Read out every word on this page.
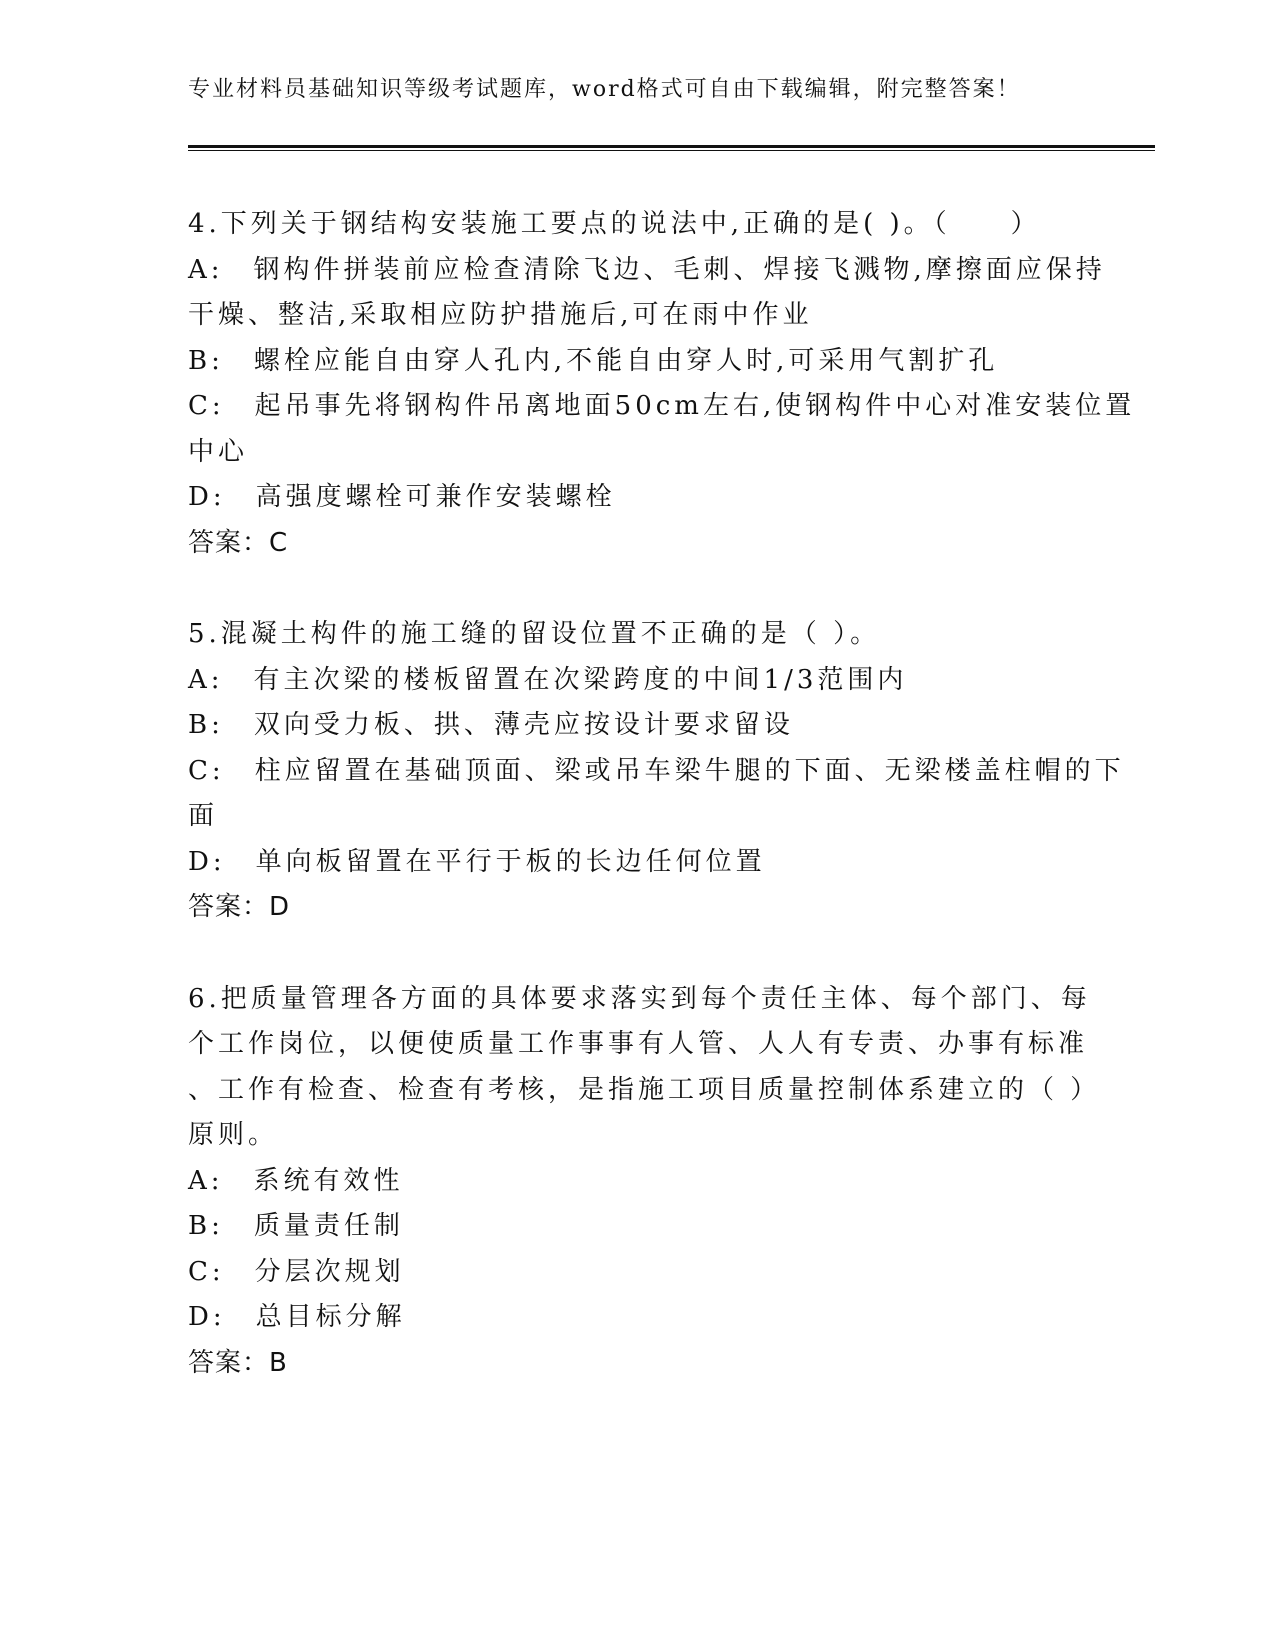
专业材料员基础知识等级考试题库，word格式可自由下载编辑，附完整答案！

4.下列关于钢结构安装施工要点的说法中,正确的是( )。（　　）

A:　钢构件拼装前应检查清除飞边、毛刺、焊接飞溅物,摩擦面应保持

干燥、整洁,采取相应防护措施后,可在雨中作业

B:　螺栓应能自由穿人孔内,不能自由穿人时,可采用气割扩孔

C:　起吊事先将钢构件吊离地面50cm左右,使钢构件中心对准安装位置

中心

D:　高强度螺栓可兼作安装螺栓

答案：C

5.混凝土构件的施工缝的留设位置不正确的是（ ）。

A:　有主次梁的楼板留置在次梁跨度的中间1/3范围内

B:　双向受力板、拱、薄壳应按设计要求留设

C:　柱应留置在基础顶面、梁或吊车梁牛腿的下面、无梁楼盖柱帽的下

面

D:　单向板留置在平行于板的长边任何位置

答案：D

6.把质量管理各方面的具体要求落实到每个责任主体、每个部门、每

个工作岗位，以便使质量工作事事有人管、人人有专责、办事有标准

、工作有检查、检查有考核，是指施工项目质量控制体系建立的（ ）

原则。

A:　系统有效性

B:　质量责任制

C:　分层次规划

D:　总目标分解

答案：B
